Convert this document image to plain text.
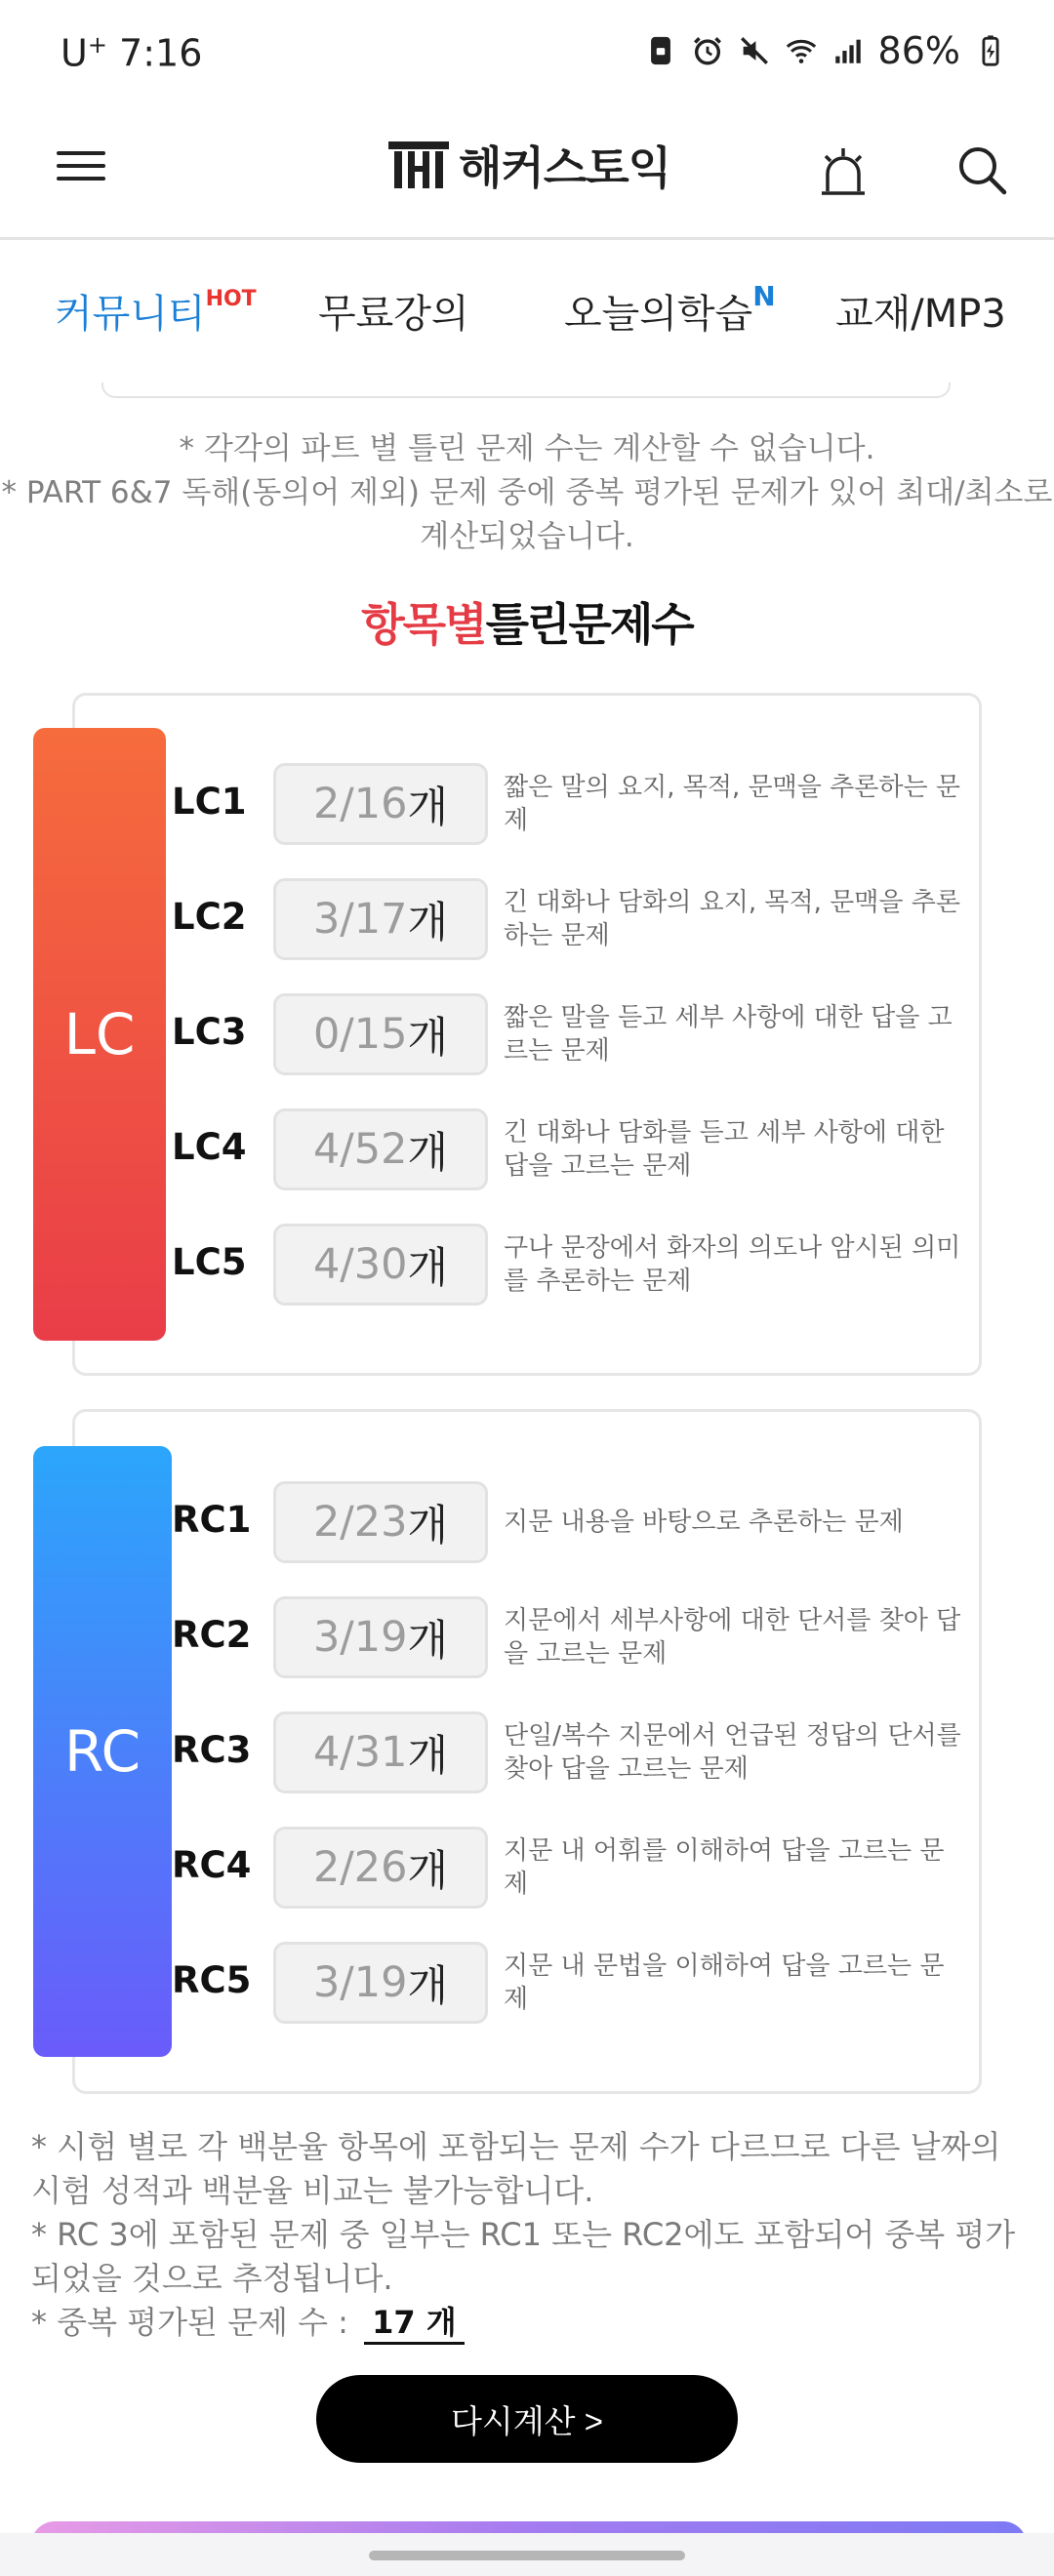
U+ 7:16	86%
해커스토익
커뮤니티$^{HOT}$ 무료강의 오늘의학습$^N$ 교재/MP3
* 각각의 파트 별 틀린 문제 수는 계산할 수 없습니다.
* PART 6&7 독해(동의어 제외) 문제 중에 중복 평가된 문제가 있어 최대/최소로 계산되었습니다.
항목별틀린문제수
LC
LC1 2/16 개 짧은 말의 요지, 목적, 문맥을 추론하는 문제
LC2 3/17 개 긴 대화나 담화의 요지, 목적, 문맥을 추론하는 문제
LC3 0/15 개 짧은 말을 듣고 세부 사항에 대한 답을 고르는 문제
LC4 4/52 개 긴 대화나 담화를 듣고 세부 사항에 대한 답을 고르는 문제
LC5 4/30 개 구나 문장에서 화자의 의도나 암시된 의미를 추론하는 문제
RC
RC1 2/23 개 지문 내용을 바탕으로 추론하는 문제
RC2 3/19 개 지문에서 세부사항에 대한 단서를 찾아 답을 고르는 문제
RC3 4/31 개 단일/복수 지문에서 언급된 정답의 단서를 찾아 답을 고르는 문제
RC4 2/26 개 지문 내 어휘를 이해하여 답을 고르는 문제
RC5 3/19 개 지문 내 문법을 이해하여 답을 고르는 문제
* 시험 별로 각 백분율 항목에 포함되는 문제 수가 다르므로 다른 날짜의 시험 성적과 백분율 비교는 불가능합니다.
* RC 3에 포함된 문제 중 일부는 RC1 또는 RC2에도 포함되어 중복 평가 되었을 것으로 추정됩니다.
* 중복 평가된 문제 수 : 17 개
다시계산 >
